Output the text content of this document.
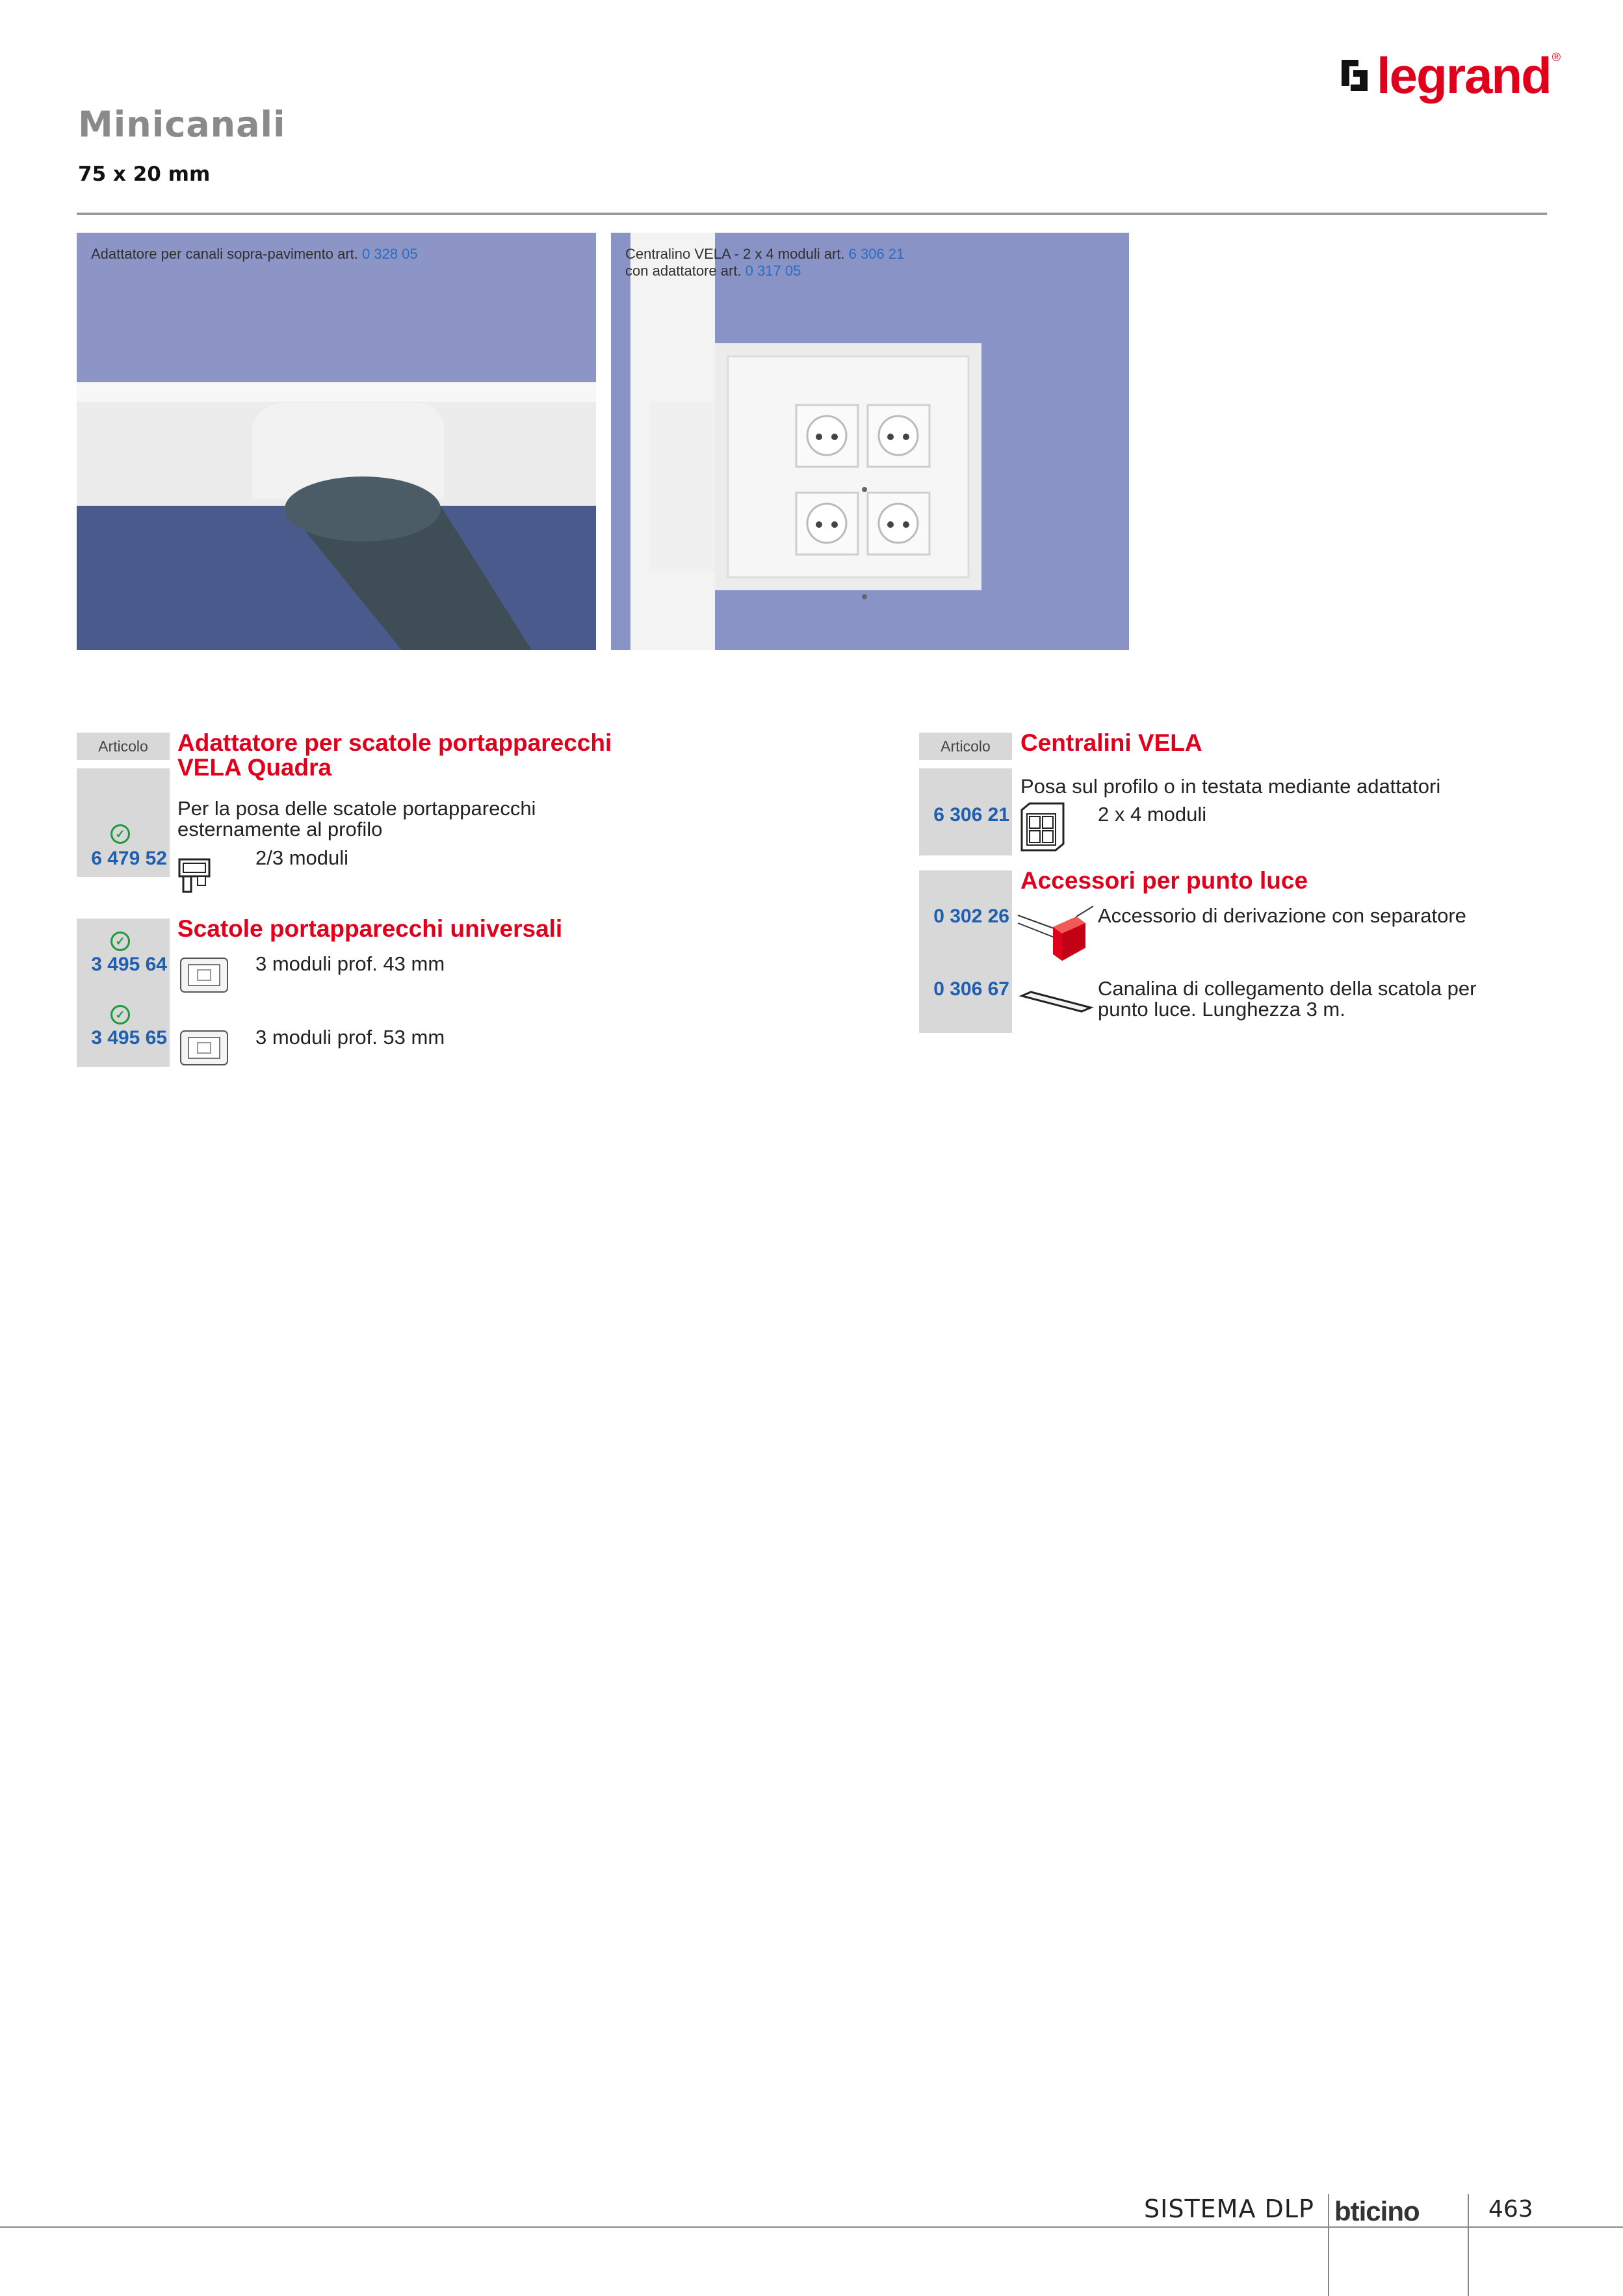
legrand ®
Minicanali
75 x 20 mm
Adattatore per canali sopra-pavimento art. 0 328 05	Centralino VELA - 2 x 4 moduli art. 6 306 21
con adattatore art. 0 317 05
Articolo	Adattatore per scatole portapparecchi
VELA Quadra
Per la posa delle scatole portapparecchi
esternamente al profilo
✓
6 479 52	2/3 moduli
Scatole portapparecchi universali
✓
3 495 64	3 moduli prof. 43 mm
✓
3 495 65	3 moduli prof. 53 mm
Articolo	Centralini VELA
Posa sul profilo o in testata mediante adattatori
6 306 21	2 x 4 moduli
Accessori per punto luce
0 302 26	Accessorio di derivazione con separatore
0 306 67	Canalina di collegamento della scatola per
punto luce. Lunghezza 3 m.
SISTEMA DLP bticino	463
